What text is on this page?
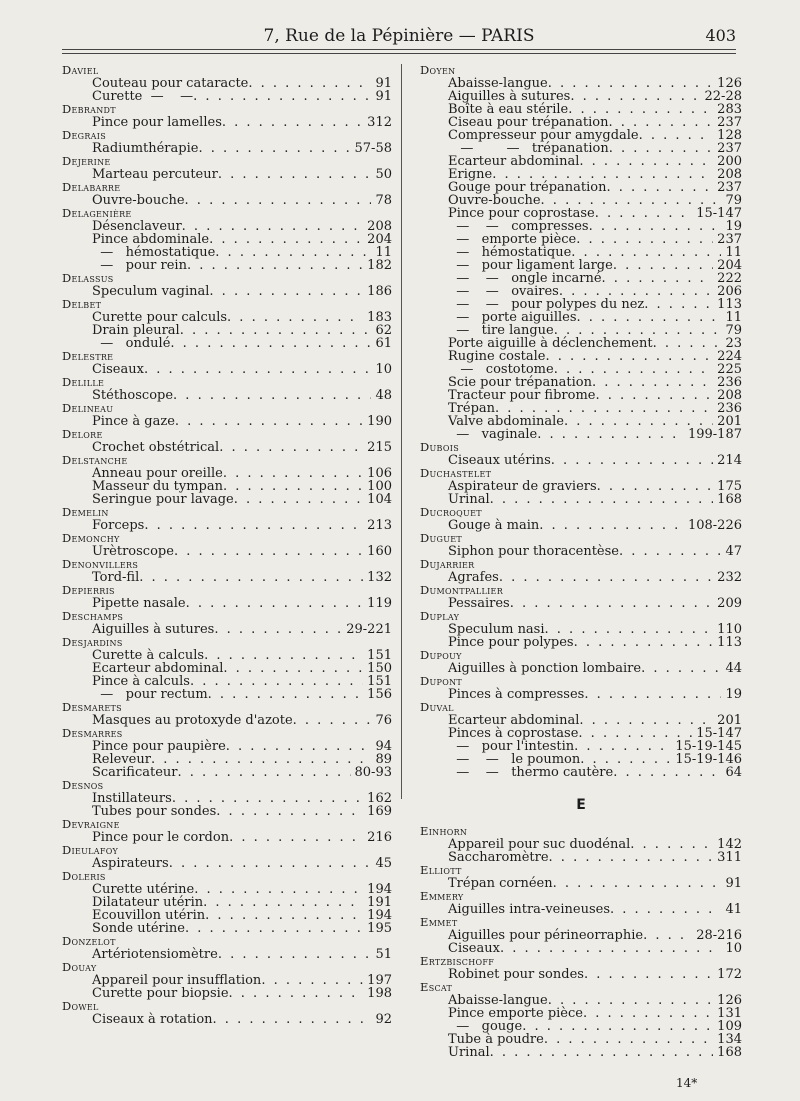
7, Rue de la Pépinière — PARIS	403
Daviel
Couteau pour cataracte . . .	91
Curette  —    — . . .	91
Debrandt
Pince pour lamelles . . .	312
Degrais
Radiumthérapie . . .	57-58
Dejerine
Marteau percuteur . . .	50
Delabarre
Ouvre-bouche . . .	78
Delagenière
Désenclaveur . . .	208
Pince abdominale . . .	204
—   hémostatique . . .	11
—   pour rein . . .	182
Delassus
Speculum vaginal . . .	186
Delbet
Curette pour calculs . . .	183
Drain pleural . . .	62
—   ondulé . . .	61
Delestre
Ciseaux . . .	10
Delille
Stéthoscope . . .	48
Delineau
Pince à gaze . . .	190
Delore
Crochet obstétrical . . .	215
Delstanche
Anneau pour oreille . . .	106
Masseur du tympan . . .	100
Seringue pour lavage . . .	104
Demelin
Forceps . . .	213
Demonchy
Urètroscope . . .	160
Denonvillers
Tord-fil . . .	132
Depierris
Pipette nasale . . .	119
Deschamps
Aiguilles à sutures . . .	29-221
Desjardins
Curette à calculs . . .	151
Ecarteur abdominal . . .	150
Pince à calculs . . .	151
—   pour rectum . . .	156
Desmarets
Masques au protoxyde d'azote . . .	76
Desmarres
Pince pour paupière . . .	94
Releveur . . .	89
Scarificateur . . .	80-93
Desnos
Instillateurs . . .	162
Tubes pour sondes . . .	169
Devraigne
Pince pour le cordon . . .	216
Dieulafoy
Aspirateurs . . .	45
Doleris
Curette utérine . . .	194
Dilatateur utérin . . .	191
Ecouvillon utérin . . .	194
Sonde utérine . . .	195
Donzelot
Artériotensiomètre . . .	51
Douay
Appareil pour insufflation . . .	197
Curette pour biopsie . . .	198
Dowel
Ciseaux à rotation . . .	92
Doyen
Abaisse-langue . . .	126
Aiguilles à sutures . . .	22-28
Boîte à eau stérile . . .	283
Ciseau pour trépanation . . .	237
Compresseur pour amygdale . . .	128
—        —   trépanation . . .	237
Ecarteur abdominal . . .	200
Erigne . . .	208
Gouge pour trépanation . . .	237
Ouvre-bouche . . .	79
Pince pour coprostase . . .	15-147
—    —   compresses . . .	19
—   emporte pièce . . .	237
—   hémostatique . . .	11
—   pour ligament large . . .	204
—    —   ongle incarné . . .	222
—    —   ovaires . . .	206
—    —   pour polypes du nez . . .	113
—   porte aiguilles . . .	11
—   tire langue . . .	79
Porte aiguille à déclenchement . . .	23
Rugine costale . . .	224
—   costotome . . .	225
Scie pour trépanation . . .	236
Tracteur pour fibrome . . .	208
Trépan . . .	236
Valve abdominale . . .	201
—   vaginale . . .	199-187
Dubois
Ciseaux utérins . . .	214
Duchastelet
Aspirateur de graviers . . .	175
Urinal . . .	168
Ducroquet
Gouge à main . . .	108-226
Duguet
Siphon pour thoracentèse . . .	47
Dujarrier
Agrafes . . .	232
Dumontpallier
Pessaires . . .	209
Duplay
Speculum nasi . . .	110
Pince pour polypes . . .	113
Dupouy
Aiguilles à ponction lombaire . . .	44
Dupont
Pinces à compresses . . .	19
Duval
Ecarteur abdominal . . .	201
Pinces à coprostase . . .	15-147
—   pour l'intestin . . .	15-19-145
—    —   le poumon . . .	15-19-146
—    —   thermo cautère . . .	64
E
Einhorn
Appareil pour suc duodénal . . .	142
Saccharomètre . . .	311
Elliott
Trépan cornéen . . .	91
Emmery
Aiguilles intra-veineuses . . .	41
Emmet
Aiguilles pour périneorraphie . . .	28-216
Ciseaux . . .	10
Ertzbischoff
Robinet pour sondes . . .	172
Escat
Abaisse-langue . . .	126
Pince emporte pièce . . .	131
—   gouge . . .	109
Tube à poudre . . .	134
Urinal . . .	168
14*
